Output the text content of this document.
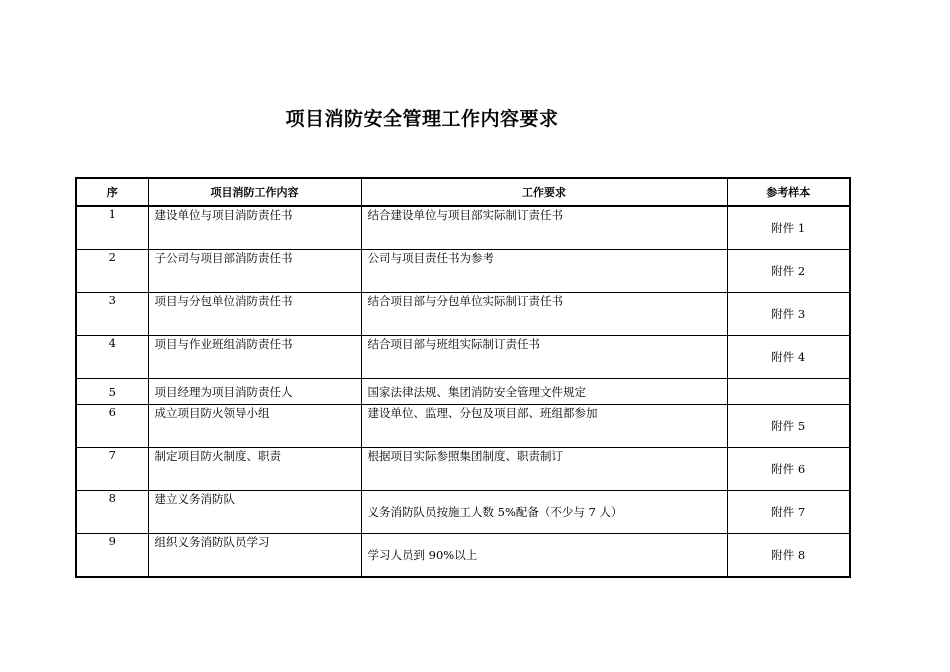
项目消防安全管理工作内容要求
序	项目消防工作内容	工作要求	参考样本
1	建设单位与项目消防责任书	结合建设单位与项目部实际制订责任书	附件 1
2	子公司与项目部消防责任书	公司与项目责任书为参考	附件 2
3	项目与分包单位消防责任书	结合项目部与分包单位实际制订责任书	附件 3
4	项目与作业班组消防责任书	结合项目部与班组实际制订责任书	附件 4
5	项目经理为项目消防责任人	国家法律法规、集团消防安全管理文件规定	
6	成立项目防火领导小组	建设单位、监理、分包及项目部、班组都参加	附件 5
7	制定项目防火制度、职责	根据项目实际参照集团制度、职责制订	附件 6
8	建立义务消防队	义务消防队员按施工人数 5%配备（不少与 7 人）	附件 7
9	组织义务消防队员学习	学习人员到 90%以上	附件 8
